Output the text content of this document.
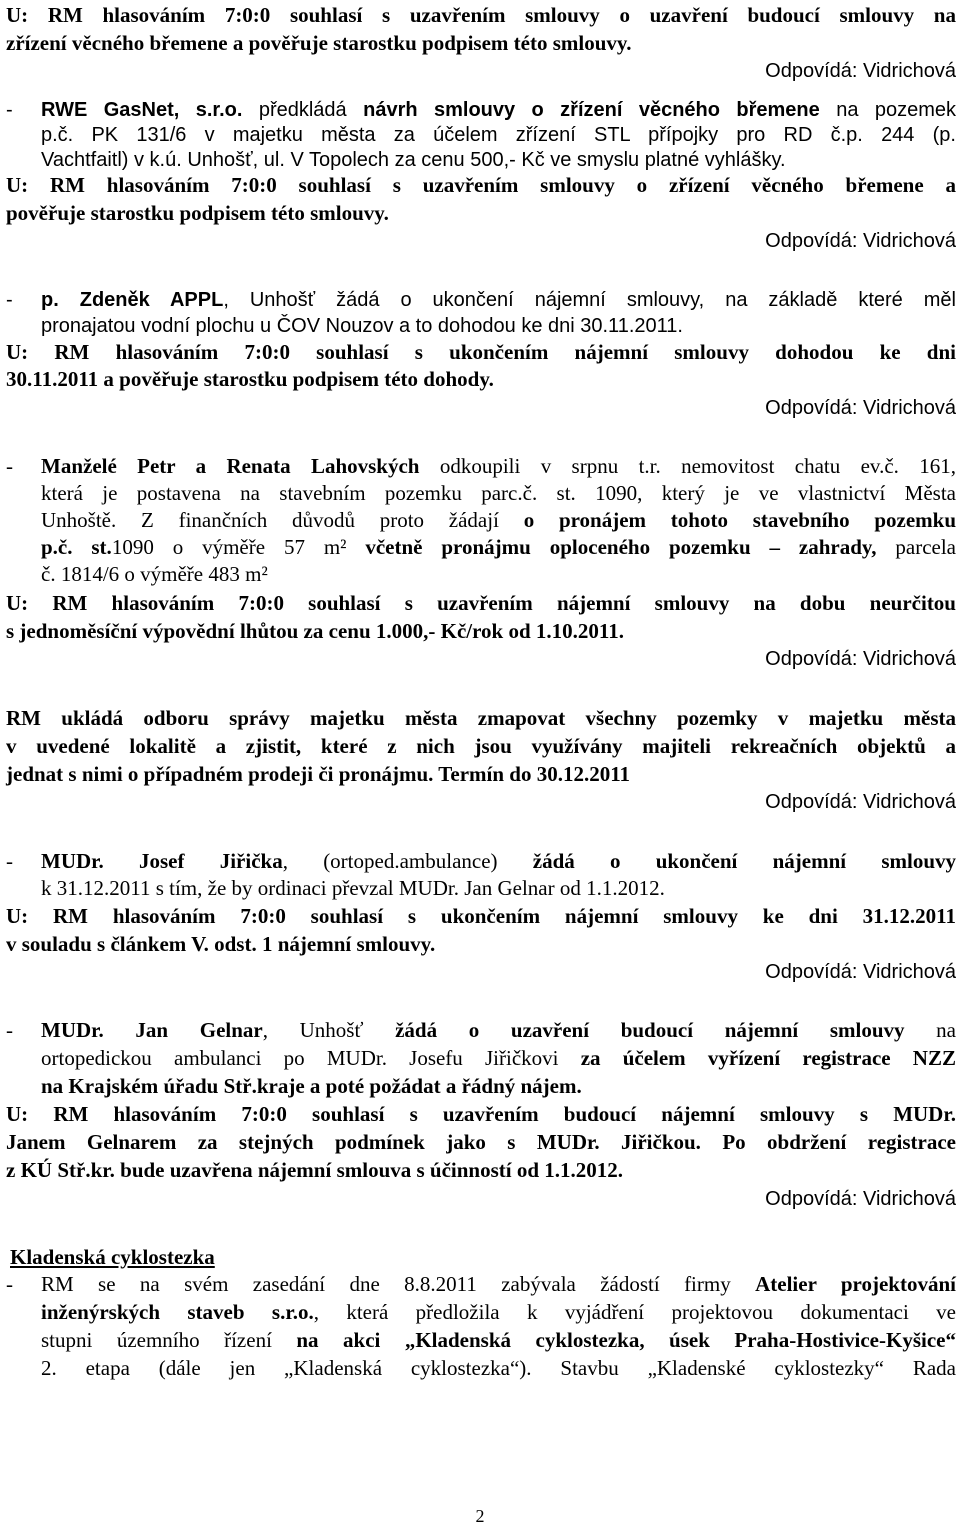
U: RM hlasováním 7:0:0 souhlasí s uzavřením smlouvy o uzavření budoucí smlouvy na
zřízení věcného břemene a pověřuje starostku podpisem této smlouvy.
Odpovídá: Vidrichová
- RWE GasNet, s.r.o. předkládá návrh smlouvy o zřízení věcného břemene na pozemek
p.č. PK 131/6 v majetku města za účelem zřízení STL přípojky pro RD č.p. 244 (p.
Vachtfaitl) v k.ú. Unhošť, ul. V Topolech za cenu 500,- Kč ve smyslu platné vyhlášky.
U: RM hlasováním 7:0:0 souhlasí s uzavřením smlouvy o zřízení věcného břemene a
pověřuje starostku podpisem této smlouvy.
Odpovídá: Vidrichová
- p. Zdeněk APPL, Unhošť žádá o ukončení nájemní smlouvy, na základě které měl
pronajatou vodní plochu u ČOV Nouzov a to dohodou ke dni 30.11.2011.
U: RM hlasováním 7:0:0 souhlasí s ukončením nájemní smlouvy dohodou ke dni
30.11.2011 a pověřuje starostku podpisem této dohody.
Odpovídá: Vidrichová
- Manželé Petr a Renata Lahovských odkoupili v srpnu t.r. nemovitost chatu ev.č. 161,
která je postavena na stavebním pozemku parc.č. st. 1090, který je ve vlastnictví Města
Unhoště. Z finančních důvodů proto žádají o pronájem tohoto stavebního pozemku
p.č. st.1090 o výměře 57 m² včetně pronájmu oploceného pozemku – zahrady, parcela
č. 1814/6 o výměře 483 m²
U: RM hlasováním 7:0:0 souhlasí s uzavřením nájemní smlouvy na dobu neurčitou
s jednoměsíční výpovědní lhůtou za cenu 1.000,- Kč/rok od 1.10.2011.
Odpovídá: Vidrichová
RM ukládá odboru správy majetku města zmapovat všechny pozemky v majetku města
v uvedené lokalitě a zjistit, které z nich jsou využívány majiteli rekreačních objektů a
jednat s nimi o případném prodeji či pronájmu. Termín do 30.12.2011
Odpovídá: Vidrichová
- MUDr. Josef Jiřička, (ortoped.ambulance) žádá o ukončení nájemní smlouvy
k 31.12.2011 s tím, že by ordinaci převzal MUDr. Jan Gelnar od 1.1.2012.
U: RM hlasováním 7:0:0 souhlasí s ukončením nájemní smlouvy ke dni 31.12.2011
v souladu s článkem V. odst. 1 nájemní smlouvy.
Odpovídá: Vidrichová
- MUDr. Jan Gelnar, Unhošť žádá o uzavření budoucí nájemní smlouvy na
ortopedickou ambulanci po MUDr. Josefu Jiřičkovi za účelem vyřízení registrace NZZ
na Krajském úřadu Stř.kraje a poté požádat a řádný nájem.
U: RM hlasováním 7:0:0 souhlasí s uzavřením budoucí nájemní smlouvy s MUDr.
Janem Gelnarem za stejných podmínek jako s MUDr. Jiřičkou. Po obdržení registrace
z KÚ Stř.kr. bude uzavřena nájemní smlouva s účinností od 1.1.2012.
Odpovídá: Vidrichová
Kladenská cyklostezka
- RM se na svém zasedání dne 8.8.2011 zabývala žádostí firmy Atelier projektování
inženýrských staveb s.r.o., která předložila k vyjádření projektovou dokumentaci ve
stupni územního řízení na akci „Kladenská cyklostezka, úsek Praha-Hostivice-Kyšice“
2. etapa (dále jen „Kladenská cyklostezka“). Stavbu „Kladenské cyklostezky“ Rada
2
